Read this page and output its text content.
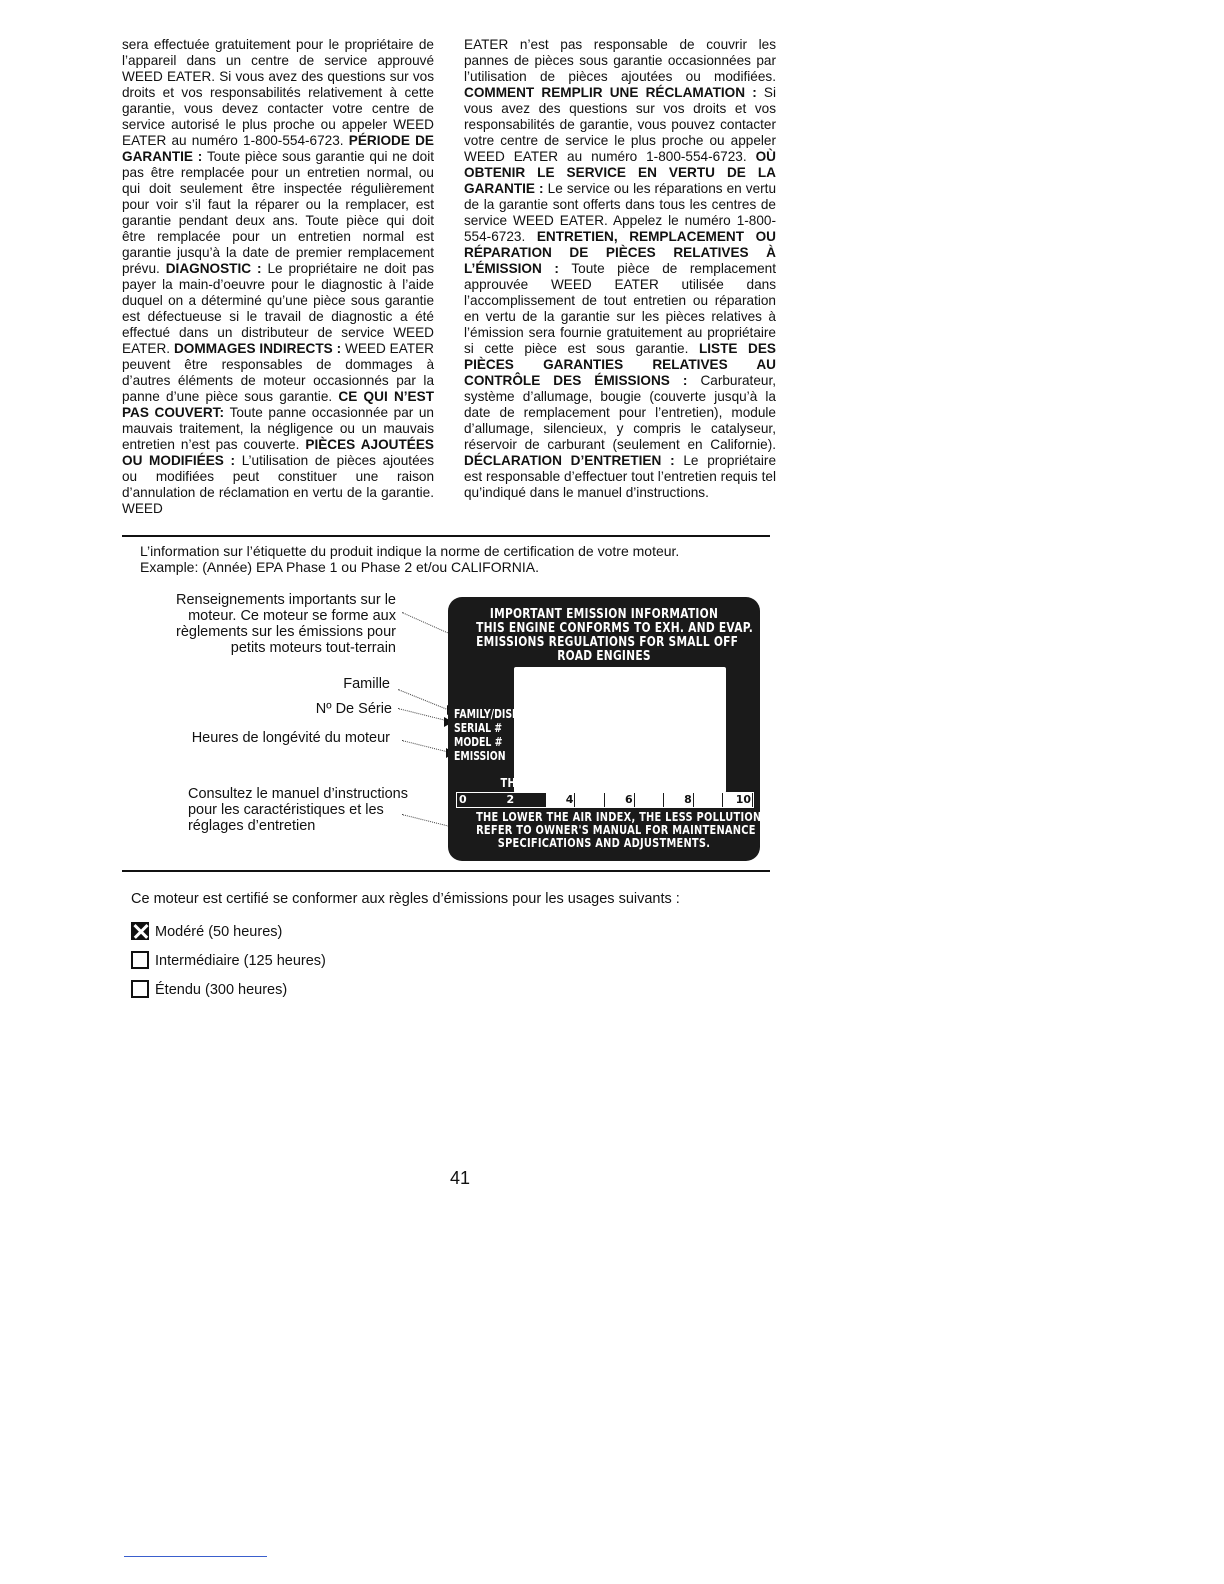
sera effectuée gratuitement pour le propriétaire de l’appareil dans un centre de service approuvé WEED EATER. Si vous avez des questions sur vos droits et vos responsabilités relativement à cette garantie, vous devez contacter votre centre de service autorisé le plus proche ou appeler WEED EATER au numéro 1-800-554-6723. PÉRIODE DE GARANTIE : Toute pièce sous garantie qui ne doit pas être remplacée pour un entretien normal, ou qui doit seulement être inspectée régulièrement pour voir s’il faut la réparer ou la remplacer, est garantie pendant deux ans. Toute pièce qui doit être remplacée pour un entretien normal est garantie jusqu’à la date de premier remplacement prévu. DIAGNOSTIC : Le propriétaire ne doit pas payer la main-d’oeuvre pour le diagnostic à l’aide duquel on a déterminé qu’une pièce sous garantie est défectueuse si le travail de diagnostic a été effectué dans un distributeur de service WEED EATER. DOMMAGES INDIRECTS : WEED EATER peuvent être responsables de dommages à d’autres éléments de moteur occasionnés par la panne d’une pièce sous garantie. CE QUI N’EST PAS COUVERT: Toute panne occasionnée par un mauvais traitement, la négligence ou un mauvais entretien n’est pas couverte. PIÈCES AJOUTÉES OU MODIFIÉES : L’utilisation de pièces ajoutées ou modifiées peut constituer une raison d’annulation de réclamation en vertu de la garantie. WEED

EATER n’est pas responsable de couvrir les pannes de pièces sous garantie occasionnées par l’utilisation de pièces ajoutées ou modifiées. COMMENT REMPLIR UNE RÉCLAMATION : Si vous avez des questions sur vos droits et vos responsabilités de garantie, vous pouvez contacter votre centre de service le plus proche ou appeler WEED EATER au numéro 1-800-554-6723. OÙ OBTENIR LE SERVICE EN VERTU DE LA GARANTIE : Le service ou les réparations en vertu de la garantie sont offerts dans tous les centres de service WEED EATER. Appelez le numéro 1-800-554-6723. ENTRETIEN, REMPLACEMENT OU RÉPARATION DE PIÈCES RELATIVES À L’ÉMISSION : Toute pièce de remplacement approuvée WEED EATER utilisée dans l’accomplissement de tout entretien ou réparation en vertu de la garantie sur les pièces relatives à l’émission sera fournie gratuitement au propriétaire si cette pièce est sous garantie. LISTE DES PIÈCES GARANTIES RELATIVES AU CONTRÔLE DES ÉMISSIONS : Carburateur, système d’allumage, bougie (couverte jusqu’à la date de remplacement pour l’entretien), module d’allumage, silencieux, y compris le catalyseur, réservoir de carburant (seulement en Californie). DÉCLARATION D’ENTRETIEN : Le propriétaire est responsable d’effectuer tout l’entretien requis tel qu’indiqué dans le manuel d’instructions.

L’information sur l’étiquette du produit indique la norme de certification de votre moteur.
Example: (Année) EPA Phase 1 ou Phase 2 et/ou CALIFORNIA.
Renseignements importants sur le
moteur. Ce moteur se forme aux
règlements sur les émissions pour
petits moteurs tout-terrain
Famille
Nº De Série
Heures de longévité du moteur
Consultez le manuel d’instructions
pour les caractéristiques et les
réglages d’entretien
IMPORTANT EMISSION INFORMATION
THIS ENGINE CONFORMS TO EXH. AND EVAP.
EMISSIONS REGULATIONS FOR SMALL OFF
ROAD ENGINES
FAMILY/DISP.
SERIAL #
MODEL #
EMISSION
THE AIR INDEX OF THIS ENGINE IS 3
0	2	4	6	8	10
THE LOWER THE AIR INDEX, THE LESS POLLUTION
REFER TO OWNER'S MANUAL FOR MAINTENANCE
SPECIFICATIONS AND ADJUSTMENTS.
Ce moteur est certifié se conformer aux règles d’émissions pour les usages suivants :
Modéré (50 heures)
Intermédiaire (125 heures)
Étendu (300 heures)
41
